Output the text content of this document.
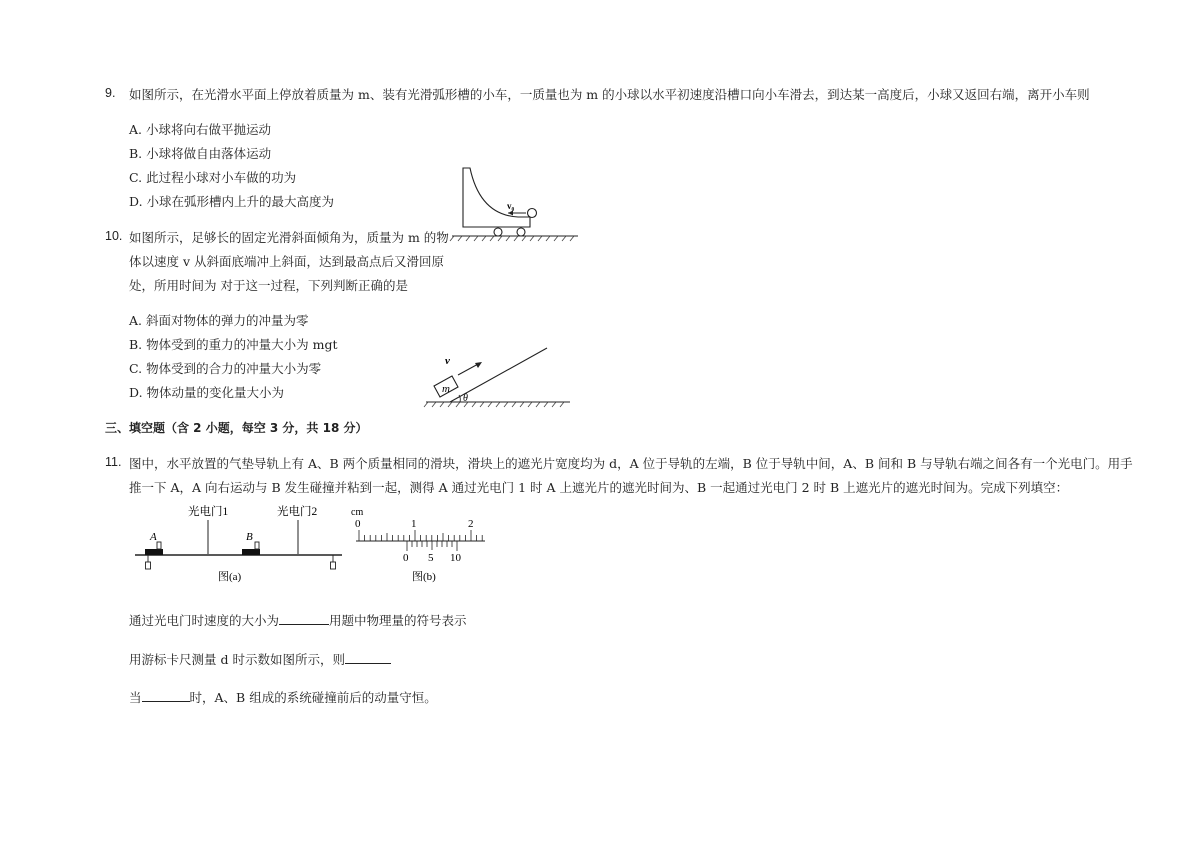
9. 如图所示，在光滑水平面上停放着质量为 m、装有光滑弧形槽的小车，一质量也为 m 的小球以水平初速度沿槽口向小车滑去，到达某一高度后，小球又返回右端，离开小车则
A. 小球将向右做平抛运动
B. 小球将做自由落体运动
C. 此过程小球对小车做的功为
D. 小球在弧形槽内上升的最大高度为	v₀
10. 如图所示，足够长的固定光滑斜面倾角为，质量为 m 的物
体以速度 v 从斜面底端冲上斜面，达到最高点后又滑回原
处，所用时间为 对于这一过程，下列判断正确的是
A. 斜面对物体的弹力的冲量为零
B. 物体受到的重力的冲量大小为 mgt
C. 物体受到的合力的冲量大小为零
D. 物体动量的变化量大小为	m
v
θ
三、填空题（含 2 小题，每空 3 分，共 18 分）
11. 图中，水平放置的气垫导轨上有 A、B 两个质量相同的滑块，滑块上的遮光片宽度均为 d，A 位于导轨的左端，B 位于导轨中间，A、B 间和 B 与导轨右端之间各有一个光电门。用手
推一下 A，A 向右运动与 B 发生碰撞并粘到一起，测得 A 通过光电门 1 时 A 上遮光片的遮光时间为、B 一起通过光电门 2 时 B 上遮光片的遮光时间为。完成下列填空：
光电门1	光电门2
A	B
图(a)
cm
0	1	2
0 5 10
图(b)
通过光电门时速度的大小为	用题中物理量的符号表示
用游标卡尺测量 d 时示数如图所示，则
当	时，A、B 组成的系统碰撞前后的动量守恒。
